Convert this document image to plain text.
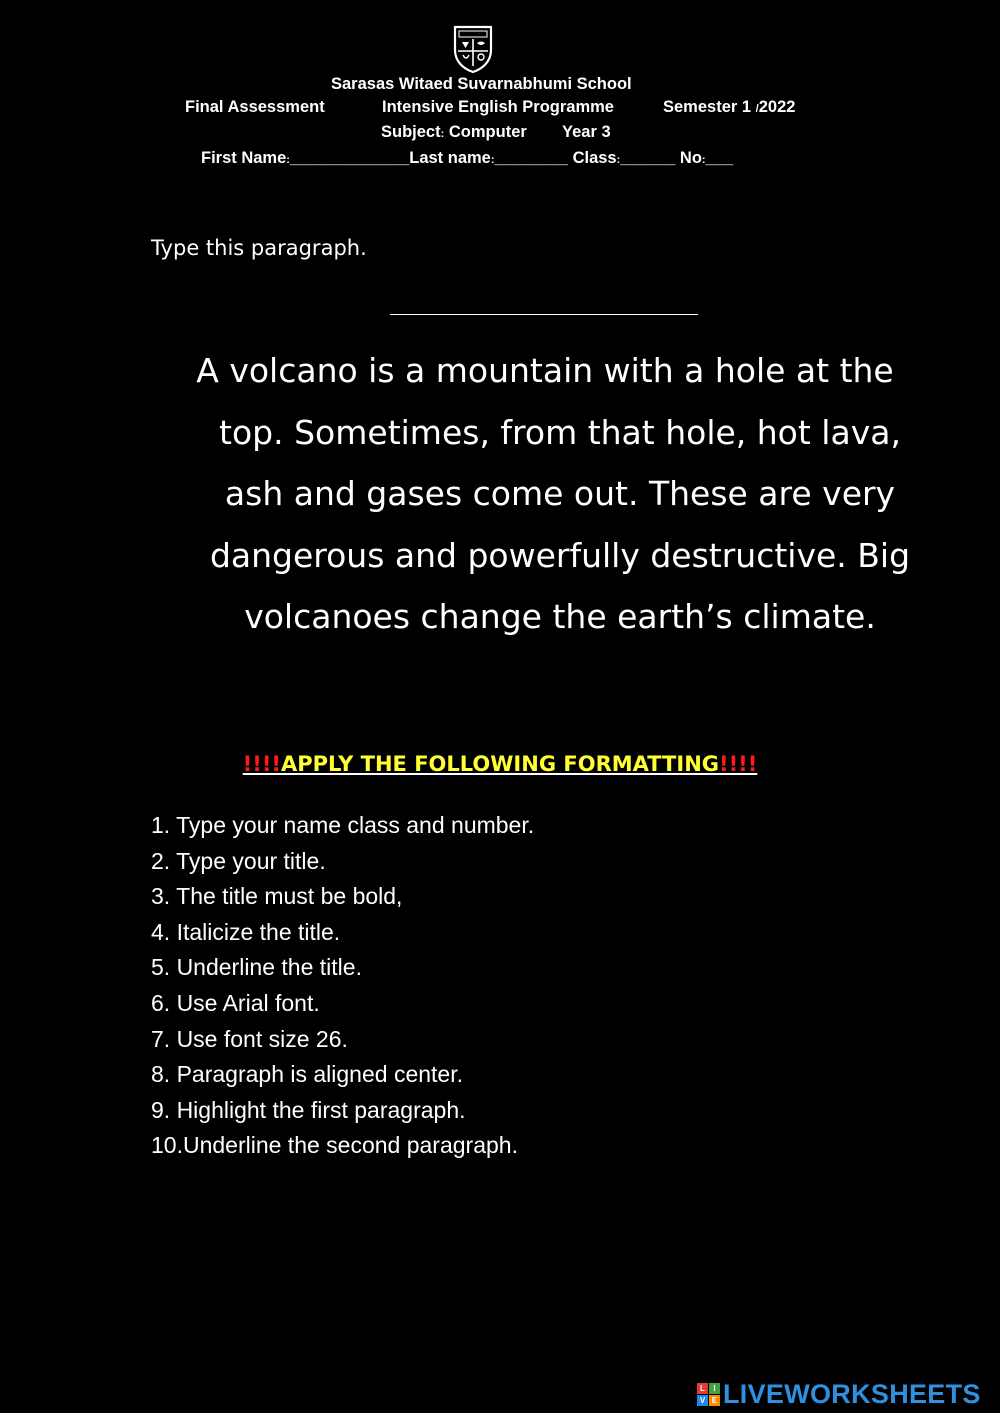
Sarasas Witaed Suvarnabhumi School

Final Assessment

	Intensive English Programme

	Semester 1 /2022

Subject: Computer

Year 3

First Name:_____________Last name:________ Class:______ No:___

Type this paragraph.
A volcano is a mountain with a hole at the
top. Sometimes, from that hole, hot lava,
ash and gases come out. These are very
dangerous and powerfully destructive. Big
volcanoes change the earth’s climate.
!!!!APPLY THE FOLLOWING FORMATTING!!!!
1. Type your name class and number.
2. Type your title.
3. The title must be bold,
4. Italicize the title.
5. Underline the title.
6. Use Arial font.
7. Use font size 26.
8. Paragraph is aligned center.
9. Highlight the first paragraph.
10.Underline the second paragraph.
L	I
V E LIVEWORKSHEETS
